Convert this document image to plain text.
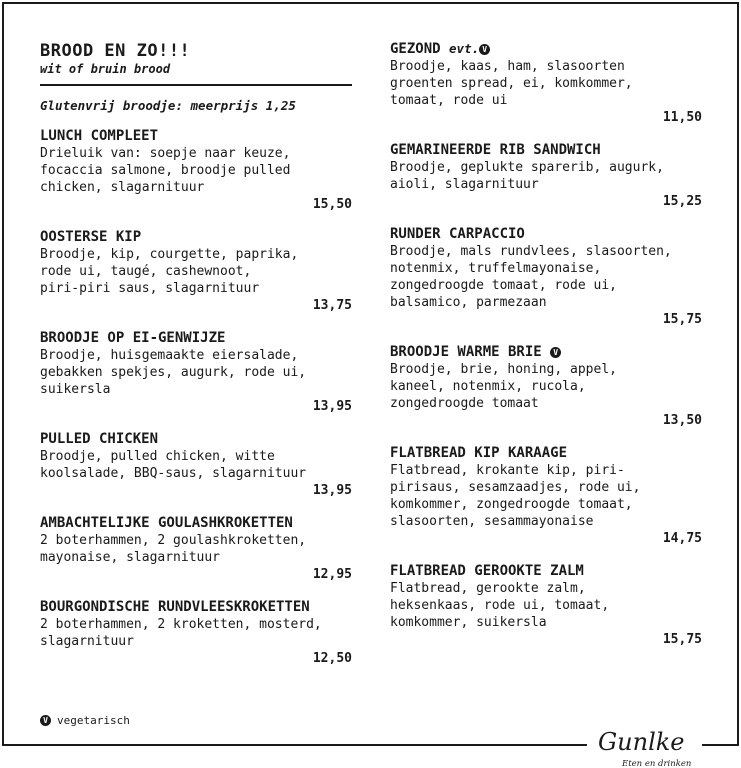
BROOD EN ZO!!!
wit of bruin brood
Glutenvrij broodje: meerprijs 1,25
LUNCH COMPLEET
Drieluik van: soepje naar keuze,
focaccia salmone, broodje pulled
chicken, slagarnituur
15,50
OOSTERSE KIP
Broodje, kip, courgette, paprika,
rode ui, taugé, cashewnoot,
piri-piri saus, slagarnituur
13,75
BROODJE OP EI-GENWIJZE
Broodje, huisgemaakte eiersalade,
gebakken spekjes, augurk, rode ui,
suikersla
13,95
PULLED CHICKEN
Broodje, pulled chicken, witte
koolsalade, BBQ-saus, slagarnituur
13,95
AMBACHTELIJKE GOULASHKROKETTEN
2 boterhammen, 2 goulashkroketten,
mayonaise, slagarnituur
12,95
BOURGONDISCHE RUNDVLEESKROKETTEN
2 boterhammen, 2 kroketten, mosterd,
slagarnituur
12,50
GEZOND evt. V
Broodje, kaas, ham, slasoorten
groenten spread, ei, komkommer,
tomaat, rode ui
11,50
GEMARINEERDE RIB SANDWICH
Broodje, geplukte sparerib, augurk,
aioli, slagarnituur
15,25
RUNDER CARPACCIO
Broodje, mals rundvlees, slasoorten,
notenmix, truffelmayonaise,
zongedroogde tomaat, rode ui,
balsamico, parmezaan
15,75
BROODJE WARME BRIE V
Broodje, brie, honing, appel,
kaneel, notenmix, rucola,
zongedroogde tomaat
13,50
FLATBREAD KIP KARAAGE
Flatbread, krokante kip, piri-
pirisaus, sesamzaadjes, rode ui,
komkommer, zongedroogde tomaat,
slasoorten, sesammayonaise
14,75
FLATBREAD GEROOKTE ZALM
Flatbread, gerookte zalm,
heksenkaas, rode ui, tomaat,
komkommer, suikersla
15,75
V vegetarisch
Gunlke
Eten en drinken
